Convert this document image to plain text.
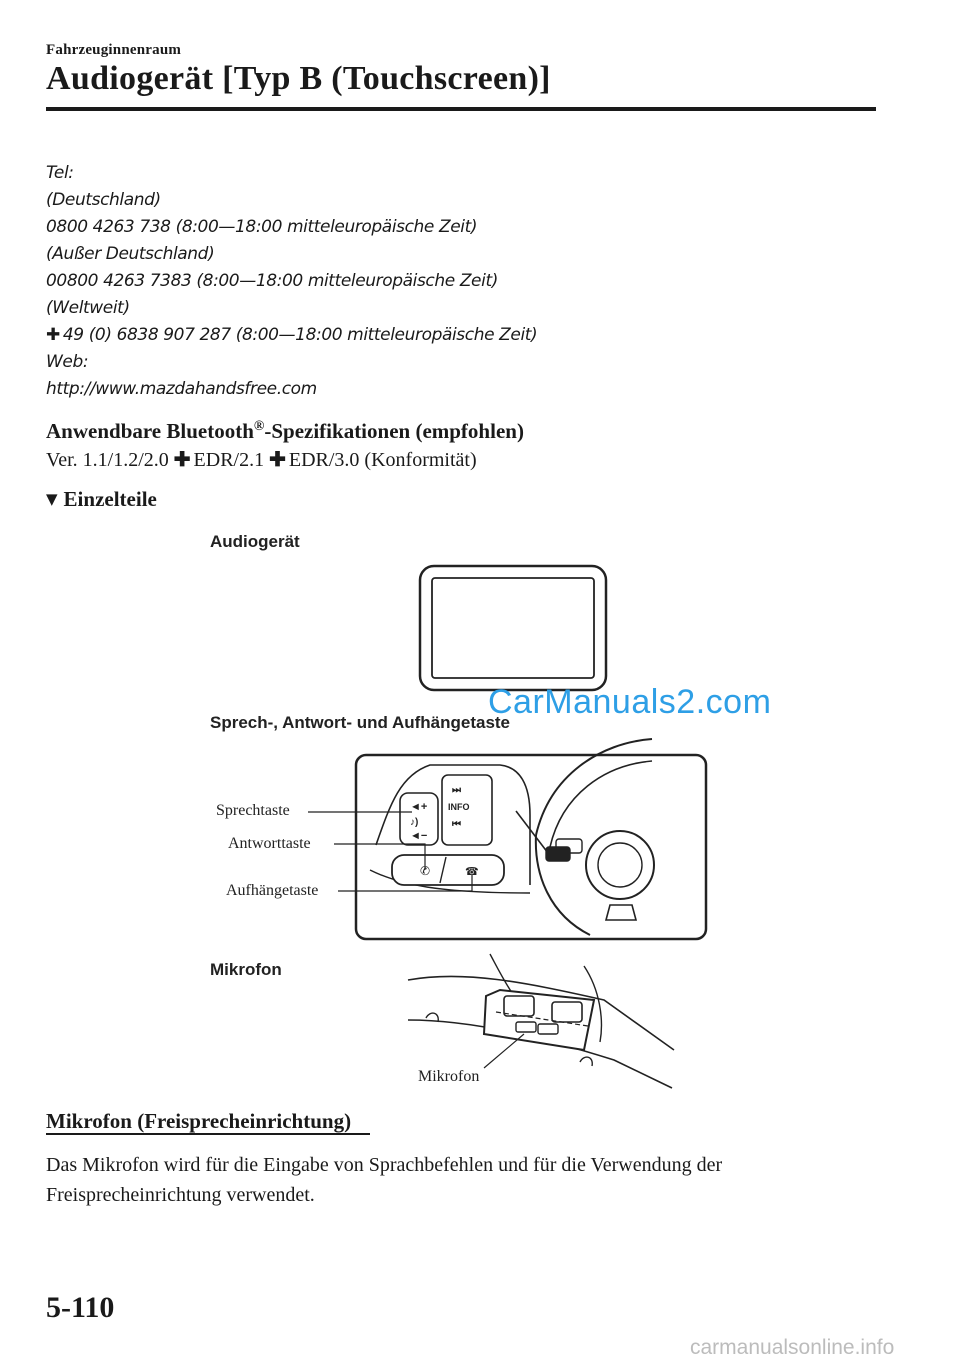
Fahrzeuginnenraum
Audiogerät [Typ B (Touchscreen)]
Tel:
(Deutschland)
0800 4263 738 (8:00—18:00 mitteleuropäische Zeit)
(Außer Deutschland)
00800 4263 7383 (8:00—18:00 mitteleuropäische Zeit)
(Weltweit)
✚ 49 (0) 6838 907 287 (8:00—18:00 mitteleuropäische Zeit)
Web:
http://www.mazdahandsfree.com
Anwendbare Bluetooth®-Spezifikationen (empfohlen)
Ver. 1.1/1.2/2.0 ✚ EDR/2.1 ✚ EDR/3.0 (Konformität)
▼ Einzelteile
Audiogerät
CarManuals2.com
Sprech-, Antwort- und Aufhängetaste
◄+
♪)
◄−
⏭
INFO
⏮
✆	☎
Sprechtaste
Antworttaste
Aufhängetaste
Mikrofon
Mikrofon
Mikrofon (Freisprecheinrichtung)
Das Mikrofon wird für die Eingabe von Sprachbefehlen und für die Verwendung der Freisprecheinrichtung verwendet.
5-110
carmanualsonline.info
